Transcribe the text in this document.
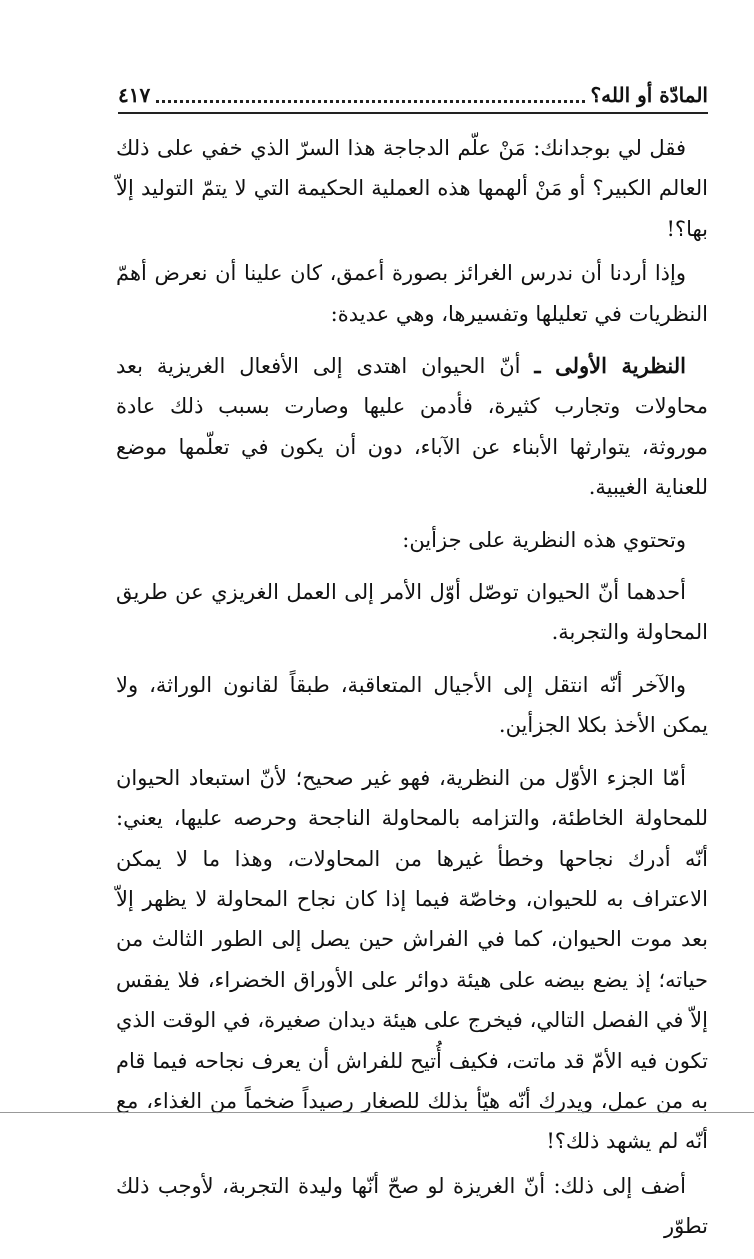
المادّة أو الله؟
٤١٧

فقل لي بوجدانك: مَنْ علّم الدجاجة هذا السرّ الذي خفي على ذلك العالم الكبير؟ أو مَنْ ألهمها هذه العملية الحكيمة التي لا يتمّ التوليد إلاّ بها؟!

وإذا أردنا أن ندرس الغرائز بصورة أعمق، كان علينا أن نعرض أهمّ النظريات في تعليلها وتفسيرها، وهي عديدة:

النظرية الأولى ـ أنّ الحيوان اهتدى إلى الأفعال الغريزية بعد محاولات وتجارب كثيرة، فأدمن عليها وصارت بسبب ذلك عادة موروثة، يتوارثها الأبناء عن الآباء، دون أن يكون في تعلّمها موضع للعناية الغيبية.

وتحتوي هذه النظرية على جزأين:

أحدهما أنّ الحيوان توصّل أوّل الأمر إلى العمل الغريزي عن طريق المحاولة والتجربة.

والآخر أنّه انتقل إلى الأجيال المتعاقبة، طبقاً لقانون الوراثة، ولا يمكن الأخذ بكلا الجزأين.

أمّا الجزء الأوّل من النظرية، فهو غير صحيح؛ لأنّ استبعاد الحيوان للمحاولة الخاطئة، والتزامه بالمحاولة الناجحة وحرصه عليها، يعني: أنّه أدرك نجاحها وخطأ غيرها من المحاولات، وهذا ما لا يمكن الاعتراف به للحيوان، وخاصّة فيما إذا كان نجاح المحاولة لا يظهر إلاّ بعد موت الحيوان، كما في الفراش حين يصل إلى الطور الثالث من حياته؛ إذ يضع بيضه على هيئة دوائر على الأوراق الخضراء، فلا يفقس إلاّ في الفصل التالي، فيخرج على هيئة ديدان صغيرة، في الوقت الذي تكون فيه الأمّ قد ماتت، فكيف أُتيح للفراش أن يعرف نجاحه فيما قام به من عمل، ويدرك أنّه هيّأ بذلك للصغار رصيداً ضخماً من الغذاء، مع أنّه لم يشهد ذلك؟!

أضف إلى ذلك: أنّ الغريزة لو صحّ أنّها وليدة التجربة، لأوجب ذلك تطوّر
